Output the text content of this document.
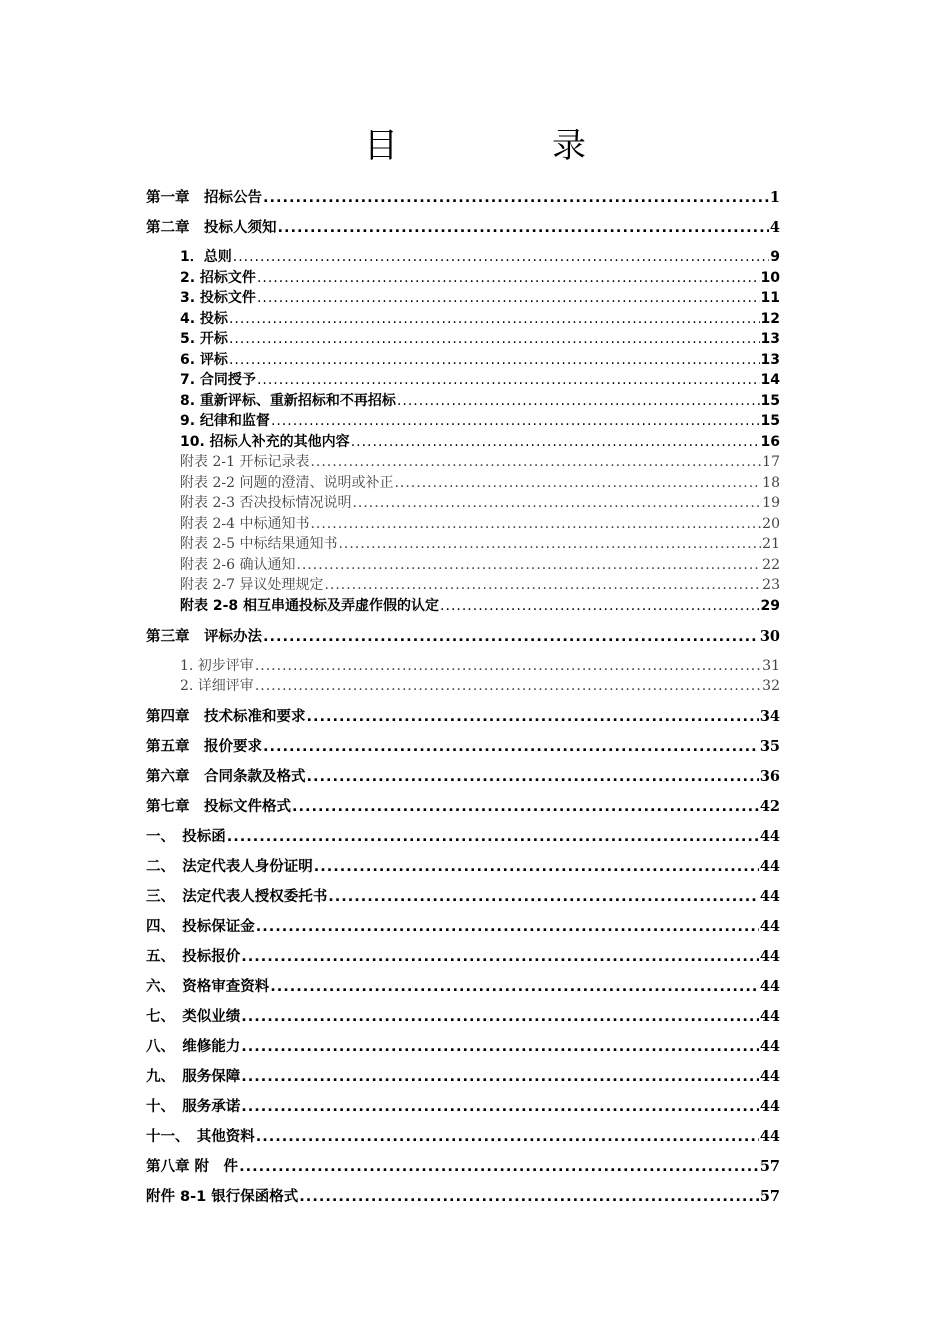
目　录
第一章　招标公告 .....	1
第二章　投标人须知 .....	4
1．总则 .....	9
2. 招标文件 .....	10
3. 投标文件 .....	11
4. 投标 .....	12
5. 开标 .....	13
6. 评标 .....	13
7. 合同授予 .....	14
8. 重新评标、重新招标和不再招标 .....	15
9. 纪律和监督 .....	15
10. 招标人补充的其他内容 .....	16
附表 2-1 开标记录表 .....	17
附表 2-2 问题的澄清、说明或补正 .....	18
附表 2-3 否决投标情况说明 .....	19
附表 2-4 中标通知书 .....	20
附表 2-5 中标结果通知书 .....	21
附表 2-6 确认通知 .....	22
附表 2-7 异议处理规定 .....	23
附表 2-8 相互串通投标及弄虚作假的认定 .....	29
第三章　评标办法 .....	30
1. 初步评审 .....	31
2. 详细评审 .....	32
第四章　技术标准和要求 .....	34
第五章　报价要求 .....	35
第六章　合同条款及格式 .....	36
第七章　投标文件格式 .....	42
一、　投标函 .....	44
二、　法定代表人身份证明 .....	44
三、　法定代表人授权委托书 .....	44
四、　投标保证金 .....	44
五、　投标报价 .....	44
六、　资格审查资料 .....	44
七、　类似业绩 .....	44
八、　维修能力 .....	44
九、　服务保障 .....	44
十、　服务承诺 .....	44
十一、　其他资料 .....	44
第八章 附　件 .....	57
附件 8-1 银行保函格式 .....	57
